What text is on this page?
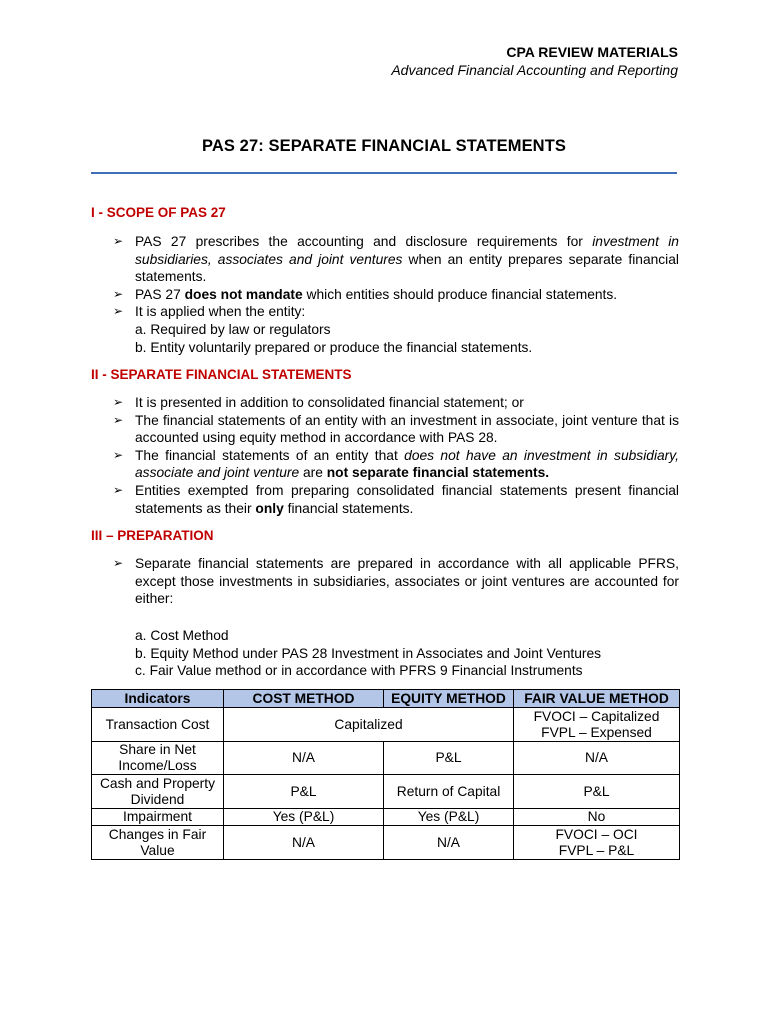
CPA REVIEW MATERIALS
Advanced Financial Accounting and Reporting
PAS 27: SEPARATE FINANCIAL STATEMENTS
I - SCOPE OF PAS 27
➢ PAS 27 prescribes the accounting and disclosure requirements for investment in subsidiaries, associates and joint ventures when an entity prepares separate financial statements.
➢ PAS 27 does not mandate which entities should produce financial statements.
➢ It is applied when the entity:
a. Required by law or regulators
b. Entity voluntarily prepared or produce the financial statements.
II - SEPARATE FINANCIAL STATEMENTS
➢ It is presented in addition to consolidated financial statement; or
➢ The financial statements of an entity with an investment in associate, joint venture that is accounted using equity method in accordance with PAS 28.
➢ The financial statements of an entity that does not have an investment in subsidiary, associate and joint venture are not separate financial statements.
➢ Entities exempted from preparing consolidated financial statements present financial statements as their only financial statements.
III – PREPARATION
➢ Separate financial statements are prepared in accordance with all applicable PFRS, except those investments in subsidiaries, associates or joint ventures are accounted for either:
a. Cost Method
b. Equity Method under PAS 28 Investment in Associates and Joint Ventures
c. Fair Value method or in accordance with PFRS 9 Financial Instruments
Indicators	COST METHOD	EQUITY METHOD	FAIR VALUE METHOD
Transaction Cost	Capitalized		FVOCI – Capitalized
FVPL – Expensed
Share in Net
Income/Loss	N/A	P&L	N/A
Cash and Property
Dividend	P&L	Return of Capital	P&L
Impairment	Yes (P&L)	Yes (P&L)	No
Changes in Fair
Value	N/A	N/A	FVOCI – OCI
FVPL – P&L
